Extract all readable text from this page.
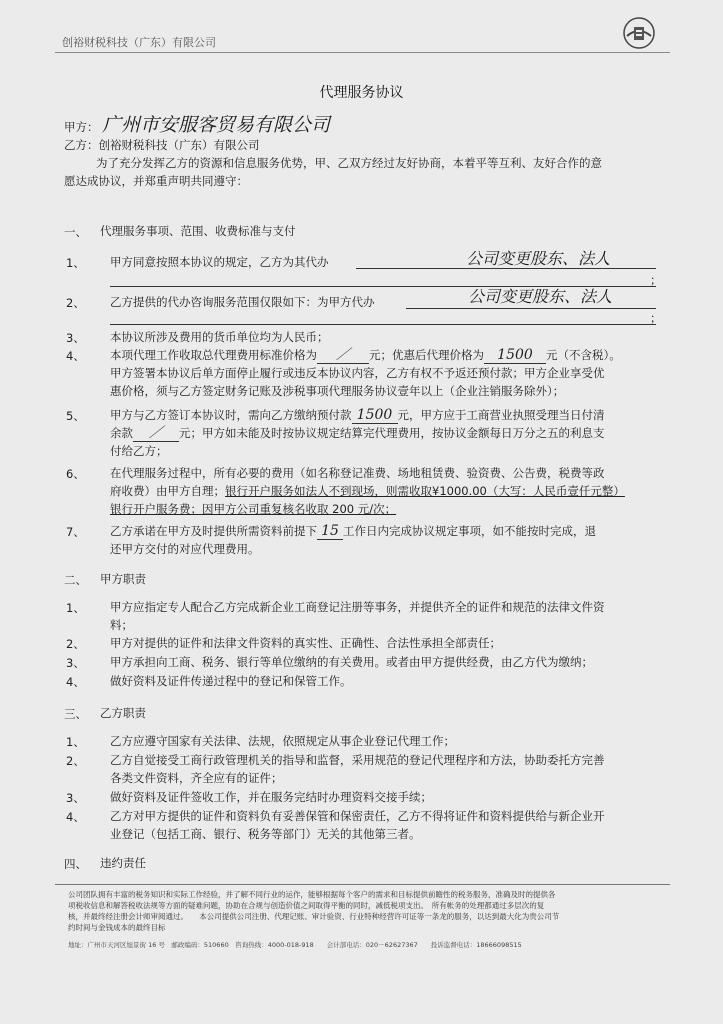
创裕财税科技（广东）有限公司
代理服务协议
甲方： 广州市安服客贸易有限公司
乙方：创裕财税科技（广东）有限公司
为了充分发挥乙方的资源和信息服务优势，甲、乙双方经过友好协商，本着平等互利、友好合作的意
愿达成协议，并郑重声明共同遵守：
一、 代理服务事项、范围、收费标准与支付
1、 甲方同意按照本协议的规定，乙方为其代办	公司变更股东、法人
；
2、 乙方提供的代办咨询服务范围仅限如下：为甲方代办	公司变更股东、法人
；
3、 本协议所涉及费用的货币单位均为人民币；
4、 本项代理工作收取总代理费用标准价格为 ／ 元；优惠后代理价格为 1500 元（不含税）。
甲方签署本协议后单方面停止履行或违反本协议内容，乙方有权不予返还预付款；甲方企业享受优
惠价格，须与乙方签定财务记账及涉税事项代理服务协议壹年以上（企业注销服务除外）；
5、 甲方与乙方签订本协议时，需向乙方缴纳预付款 1500 元，甲方应于工商营业执照受理当日付清
余款 ／ 元；甲方如未能及时按协议规定结算完代理费用，按协议金额每日万分之五的利息支
付给乙方；
6、 在代理服务过程中，所有必要的费用（如名称登记准费、场地租赁费、验资费、公告费，税费等政
府收费）由甲方自理；银行开户服务如法人不到现场，则需收取¥1000.00（大写：人民币壹仟元整）
银行开户服务费；因甲方公司重复核名收取 200 元/次；
7、 乙方承诺在甲方及时提供所需资料前提下 15 工作日内完成协议规定事项，如不能按时完成，退
还甲方交付的对应代理费用。
二、 甲方职责
1、 甲方应指定专人配合乙方完成新企业工商登记注册等事务，并提供齐全的证件和规范的法律文件资
料；
2、 甲方对提供的证件和法律文件资料的真实性、正确性、合法性承担全部责任；
3、 甲方承担向工商、税务、银行等单位缴纳的有关费用。或者由甲方提供经费，由乙方代为缴纳；
4、 做好资料及证件传递过程中的登记和保管工作。
三、 乙方职责
1、 乙方应遵守国家有关法律、法规，依照规定从事企业登记代理工作；
2、 乙方自觉接受工商行政管理机关的指导和监督，采用规范的登记代理程序和方法，协助委托方完善
各类文件资料，齐全应有的证件；
3、 做好资料及证件签收工作，并在服务完结时办理资料交接手续；
4、 乙方对甲方提供的证件和资料负有妥善保管和保密责任，乙方不得将证件和资料提供给与新企业开
业登记（包括工商、银行、税务等部门）无关的其他第三者。
四、 违约责任
公司团队拥有丰富的税务知识和实际工作经验，并了解不同行业的运作，能够根据每个客户的需求和目标提供前瞻性的税务服务，准确及时的提供各
项税收信息和解答税收法规等方面的疑难问题，协助在合规与创造价值之间取得平衡的同时，减低税项支出。　所有帐务的处理都通过多层次的复
核，并最终经注册会计师审阅通过。　　本公司提供公司注册、代理记账、审计验资、行业特种经营许可证等一条龙的服务，以达到最大化为贵公司节
约时间与金钱成本的最终目标
地址：广州市天河区旭景街 16 号　邮政编码：510660　咨询热线：4000-018-918　　会计部电话：020－62627367　　投诉监督电话：18666098515
